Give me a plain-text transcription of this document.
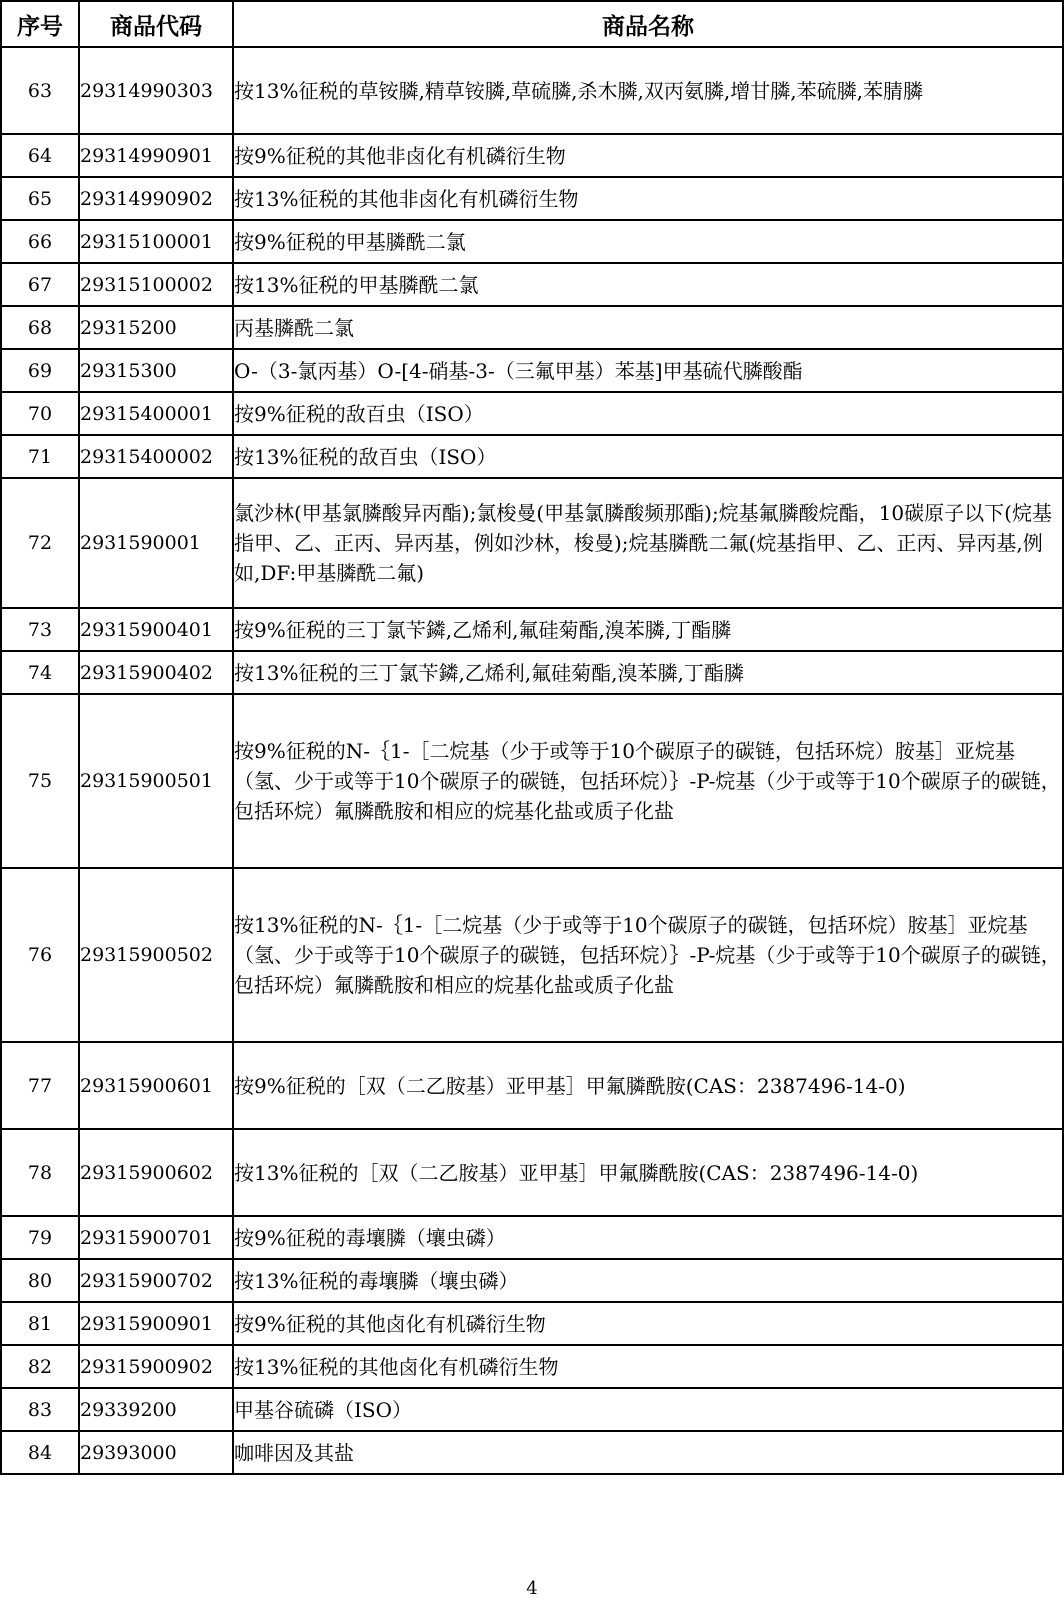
序号	商品代码	商品名称
63	29314990303	按13%征税的草铵膦,精草铵膦,草硫膦,杀木膦,双丙氨膦,增甘膦,苯硫膦,苯腈膦
64	29314990901	按9%征税的其他非卤化有机磷衍生物
65	29314990902	按13%征税的其他非卤化有机磷衍生物
66	29315100001	按9%征税的甲基膦酰二氯
67	29315100002	按13%征税的甲基膦酰二氯
68	29315200	丙基膦酰二氯
69	29315300	O-（3-氯丙基）O-[4-硝基-3-（三氟甲基）苯基]甲基硫代膦酸酯
70	29315400001	按9%征税的敌百虫（ISO）
71	29315400002	按13%征税的敌百虫（ISO）
72	2931590001	氯沙林(甲基氯膦酸异丙酯);氯梭曼(甲基氯膦酸频那酯);烷基氟膦酸烷酯，10碳原子以下(烷基指甲、乙、正丙、异丙基，例如沙林，梭曼);烷基膦酰二氟(烷基指甲、乙、正丙、异丙基,例如,DF:甲基膦酰二氟)
73	29315900401	按9%征税的三丁氯苄鏻,乙烯利,氟硅菊酯,溴苯膦,丁酯膦
74	29315900402	按13%征税的三丁氯苄鏻,乙烯利,氟硅菊酯,溴苯膦,丁酯膦
75	29315900501	按9%征税的N-｛1-［二烷基（少于或等于10个碳原子的碳链，包括环烷）胺基］亚烷基（氢、少于或等于10个碳原子的碳链，包括环烷）｝-P-烷基（少于或等于10个碳原子的碳链，包括环烷）氟膦酰胺和相应的烷基化盐或质子化盐
76	29315900502	按13%征税的N-｛1-［二烷基（少于或等于10个碳原子的碳链，包括环烷）胺基］亚烷基（氢、少于或等于10个碳原子的碳链，包括环烷）｝-P-烷基（少于或等于10个碳原子的碳链，包括环烷）氟膦酰胺和相应的烷基化盐或质子化盐
77	29315900601	按9%征税的［双（二乙胺基）亚甲基］甲氟膦酰胺(CAS：2387496-14-0)
78	29315900602	按13%征税的［双（二乙胺基）亚甲基］甲氟膦酰胺(CAS：2387496-14-0)
79	29315900701	按9%征税的毒壤膦（壤虫磷）
80	29315900702	按13%征税的毒壤膦（壤虫磷）
81	29315900901	按9%征税的其他卤化有机磷衍生物
82	29315900902	按13%征税的其他卤化有机磷衍生物
83	29339200	甲基谷硫磷（ISO）
84	29393000	咖啡因及其盐
4
